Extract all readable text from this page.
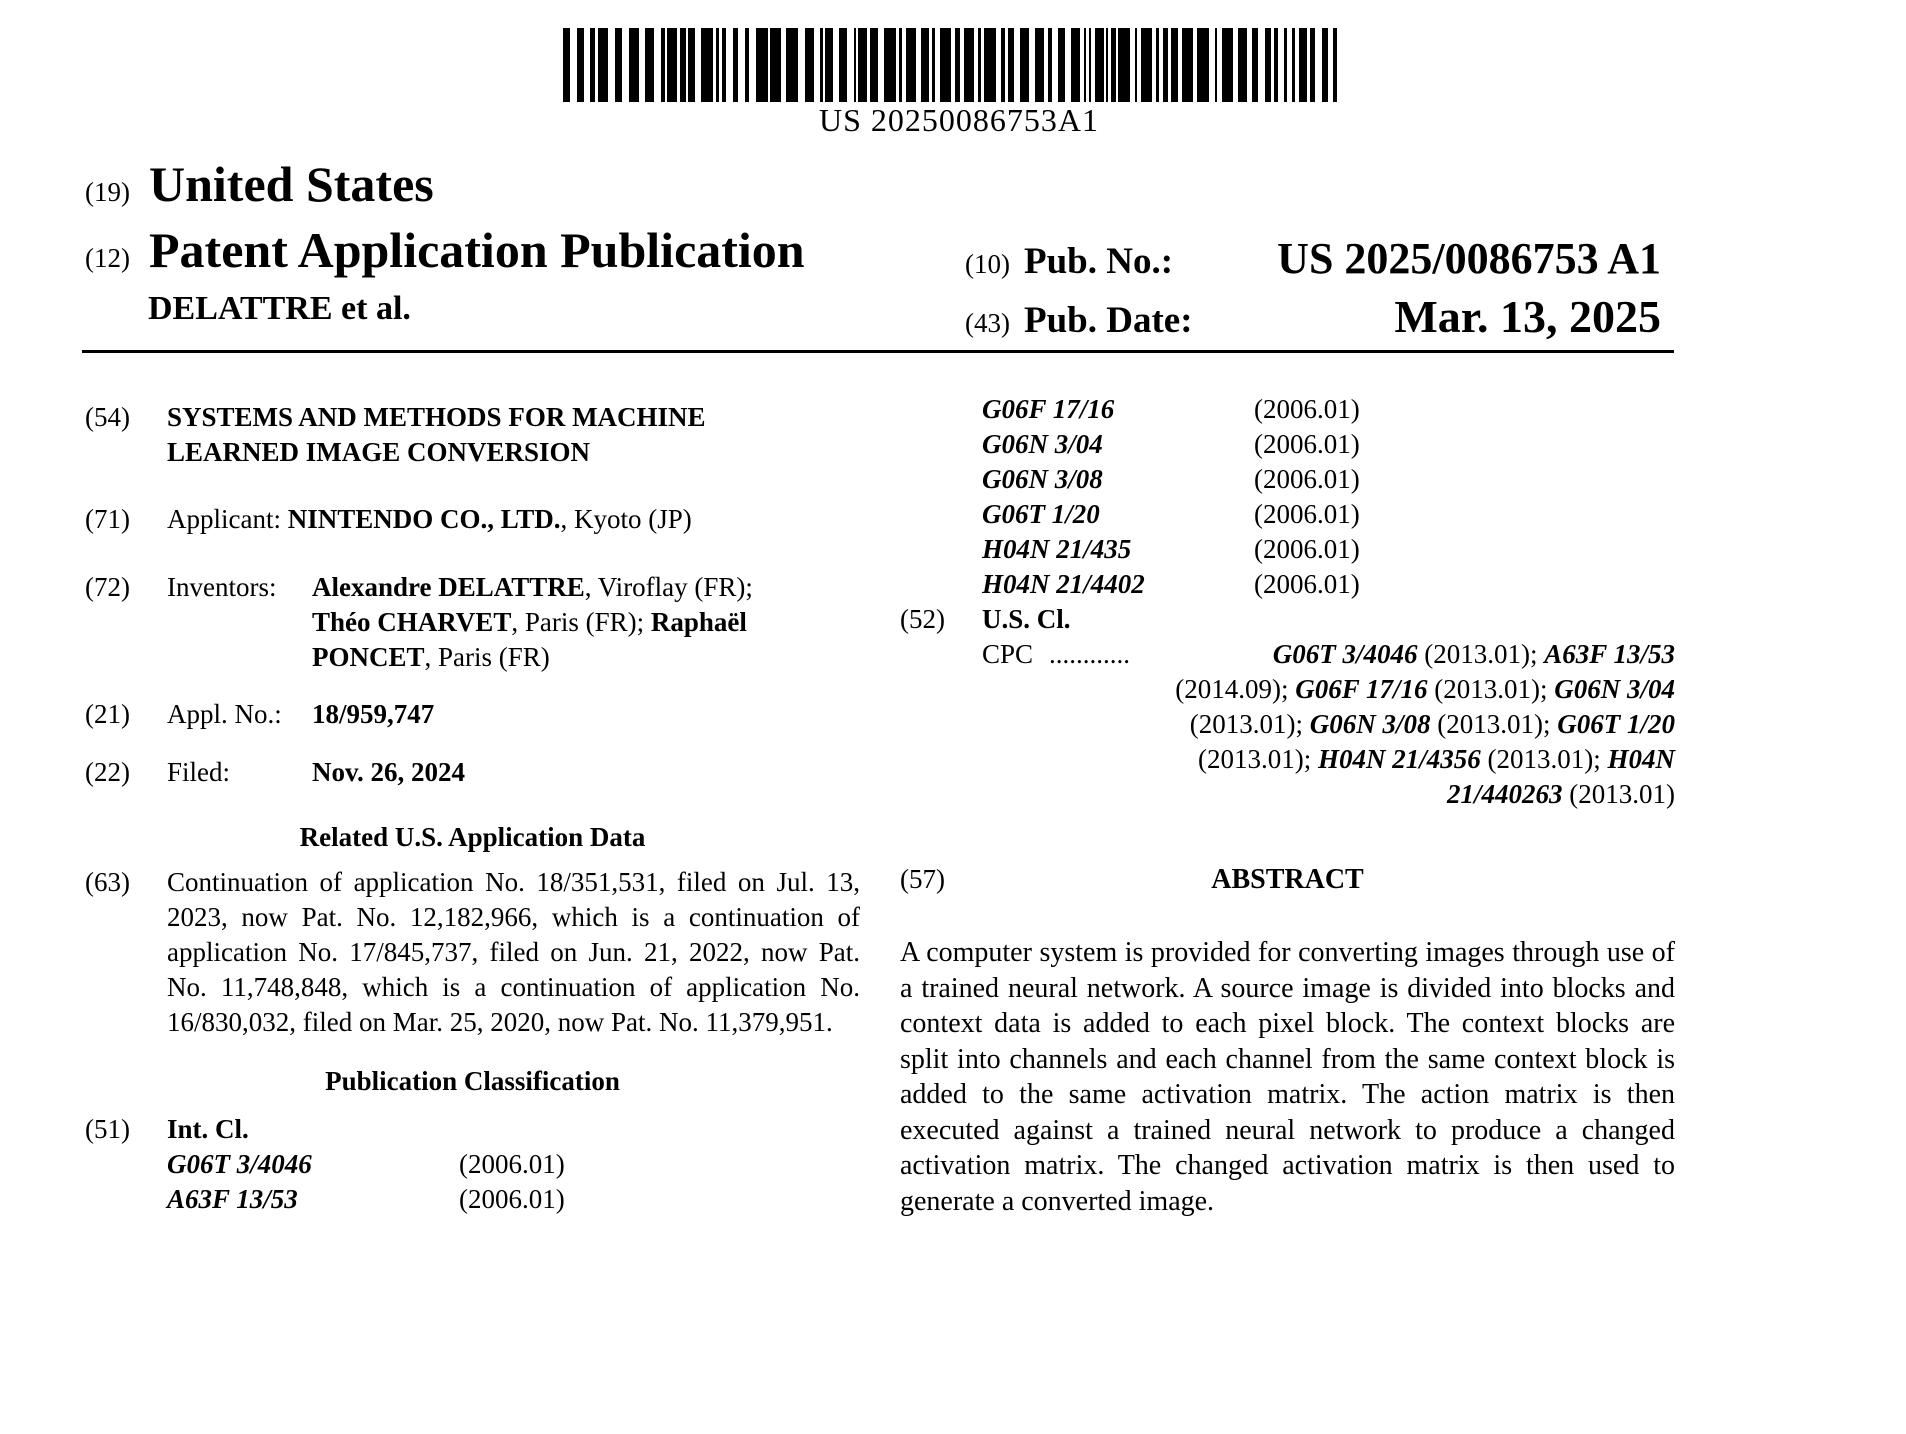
US 20250086753A1
(19) United States
(12) Patent Application Publication
DELATTRE et al.
(10) Pub. No.: US 2025/0086753 A1
(43) Pub. Date:	Mar. 13, 2025
(54)	SYSTEMS AND METHODS FOR MACHINE
LEARNED IMAGE CONVERSION
(71)	Applicant: NINTENDO CO., LTD., Kyoto (JP)
(72)	Inventors:	Alexandre DELATTRE, Viroflay (FR);
Théo CHARVET, Paris (FR); Raphaël
PONCET, Paris (FR)
(21)	Appl. No.:	18/959,747
(22)	Filed:	Nov. 26, 2024
Related U.S. Application Data
(63)	Continuation of application No. 18/351,531, filed on Jul. 13, 2023, now Pat. No. 12,182,966, which is a continuation of application No. 17/845,737, filed on Jun. 21, 2022, now Pat. No. 11,748,848, which is a continuation of application No. 16/830,032, filed on Mar. 25, 2020, now Pat. No. 11,379,951.
Publication Classification
(51)	Int. Cl.
G06T 3/4046	(2006.01)
A63F 13/53	(2006.01)
G06F 17/16	(2006.01)
G06N 3/04	(2006.01)
G06N 3/08	(2006.01)
G06T 1/20	(2006.01)
H04N 21/435	(2006.01)
H04N 21/4402	(2006.01)
(52)	U.S. Cl.
CPC ............	G06T 3/4046 (2013.01); A63F 13/53
(2014.09); G06F 17/16 (2013.01); G06N 3/04
(2013.01); G06N 3/08 (2013.01); G06T 1/20
(2013.01); H04N 21/4356 (2013.01); H04N
21/440263 (2013.01)
(57)	ABSTRACT
A computer system is provided for converting images through use of a trained neural network. A source image is divided into blocks and context data is added to each pixel block. The context blocks are split into channels and each channel from the same context block is added to the same activation matrix. The action matrix is then executed against a trained neural network to produce a changed activation matrix. The changed activation matrix is then used to generate a converted image.
